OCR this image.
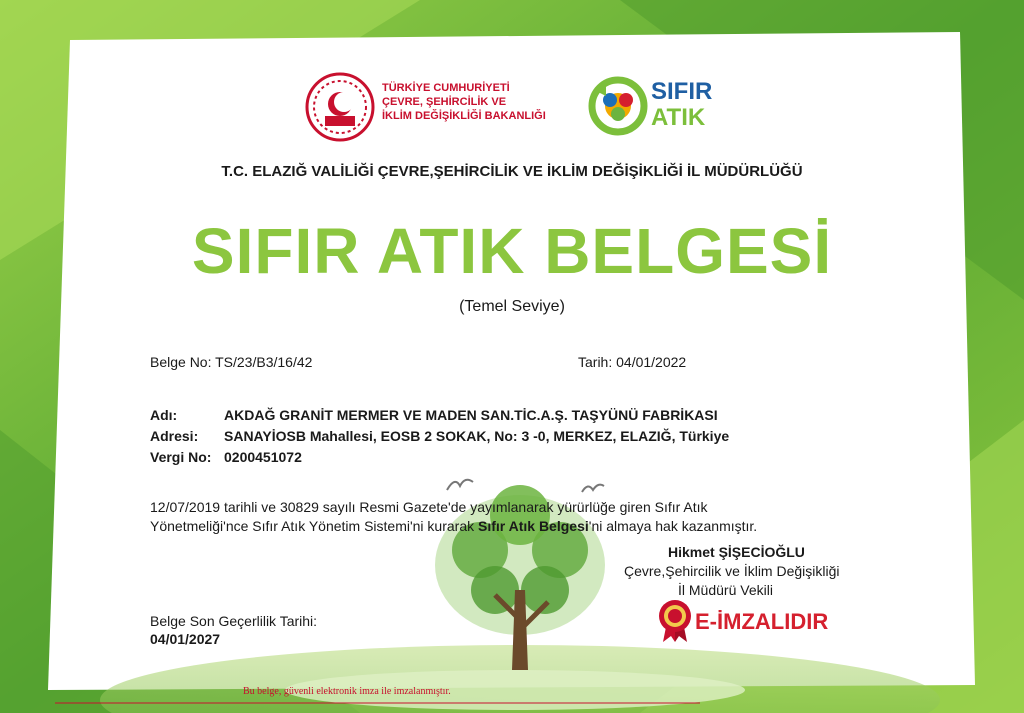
TÜRKİYE CUMHURİYETİ
ÇEVRE, ŞEHİRCİLİK VE
İKLİM DEĞİŞİKLİĞİ BAKANLIĞI
SIFIR
ATIK
T.C. ELAZIĞ VALİLİĞİ ÇEVRE,ŞEHİRCİLİK VE İKLİM DEĞİŞİKLİĞİ İL MÜDÜRLÜĞÜ
SIFIR ATIK BELGESİ
(Temel Seviye)
Belge No: TS/23/B3/16/42	Tarih: 04/01/2022
Adı:	AKDAĞ GRANİT MERMER VE MADEN SAN.TİC.A.Ş. TAŞYÜNÜ FABRİKASI
Adresi: SANAYİOSB Mahallesi, EOSB 2 SOKAK, No: 3 -0, MERKEZ, ELAZIĞ, Türkiye
Vergi No: 0200451072
12/07/2019 tarihli ve 30829 sayılı Resmi Gazete'de yayımlanarak yürürlüğe giren Sıfır Atık
Yönetmeliği'nce Sıfır Atık Yönetim Sistemi'ni kurarak Sıfır Atık Belgesi'ni almaya hak kazanmıştır.
Hikmet ŞİŞECİOĞLU
Çevre,Şehircilik ve İklim Değişikliği
İl Müdürü Vekili
E-İMZALIDIR
Belge Son Geçerlilik Tarihi:
04/01/2027
Bu belge, güvenli elektronik imza ile imzalanmıştır.
